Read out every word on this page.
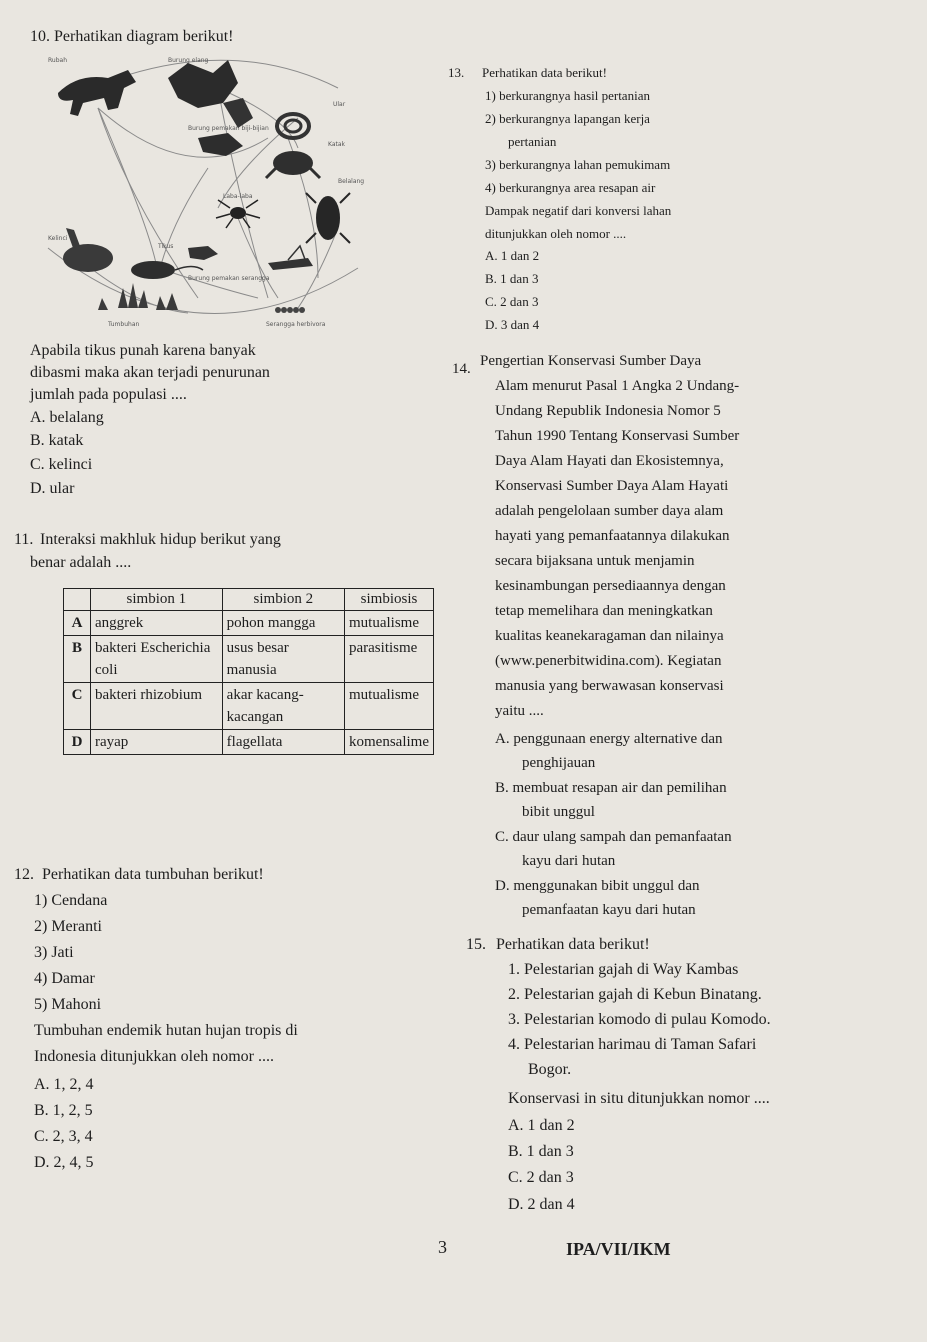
10. Perhatikan diagram berikut!
Burung elang
Ular
Burung pemakan biji-bijian
Katak
Laba-laba
Belalang
Tikus
Kelinci
Burung pemakan serangga
Tumbuhan	Serangga herbivora
Rubah
Apabila tikus punah karena banyak
dibasmi maka akan terjadi penurunan
jumlah pada populasi ....
A. belalang
B. katak
C. kelinci
D. ular
11. Interaksi makhluk hidup berikut yang
benar adalah ....
	simbion 1	simbion 2	simbiosis
A	anggrek	pohon mangga	mutualisme
B	bakteri Escherichia coli	usus besar manusia	parasitisme
C	bakteri rhizobium	akar kacang-kacangan	mutualisme
D	rayap	flagellata	komensalime
12. Perhatikan data tumbuhan berikut!
1) Cendana
2) Meranti
3) Jati
4) Damar
5) Mahoni
Tumbuhan endemik hutan hujan tropis di
Indonesia ditunjukkan oleh nomor ....
A. 1, 2, 4
B. 1, 2, 5
C. 2, 3, 4
D. 2, 4, 5
13. Perhatikan data berikut!
1) berkurangnya hasil pertanian
2) berkurangnya lapangan kerja
pertanian
3) berkurangnya lahan pemukimam
4) berkurangnya area resapan air
Dampak negatif dari konversi lahan
ditunjukkan oleh nomor ....
A. 1 dan 2
B. 1 dan 3
C. 2 dan 3
D. 3 dan 4
14. Pengertian Konservasi Sumber Daya
Alam menurut Pasal 1 Angka 2 Undang-
Undang Republik Indonesia Nomor 5
Tahun 1990 Tentang Konservasi Sumber
Daya Alam Hayati dan Ekosistemnya,
Konservasi Sumber Daya Alam Hayati
adalah pengelolaan sumber daya alam
hayati yang pemanfaatannya dilakukan
secara bijaksana untuk menjamin
kesinambungan persediaannya dengan
tetap memelihara dan meningkatkan
kualitas keanekaragaman dan nilainya
(www.penerbitwidina.com). Kegiatan
manusia yang berwawasan konservasi
yaitu ....
A. penggunaan energy alternative dan
penghijauan
B. membuat resapan air dan pemilihan
bibit unggul
C. daur ulang sampah dan pemanfaatan
kayu dari hutan
D. menggunakan bibit unggul dan
pemanfaatan kayu dari hutan
15. Perhatikan data berikut!
1. Pelestarian gajah di Way Kambas
2. Pelestarian gajah di Kebun Binatang.
3. Pelestarian komodo di pulau Komodo.
4. Pelestarian harimau di Taman Safari
Bogor.
Konservasi in situ ditunjukkan nomor ....
A. 1 dan 2
B. 1 dan 3
C. 2 dan 3
D. 2 dan 4
3	IPA/VII/IKM
